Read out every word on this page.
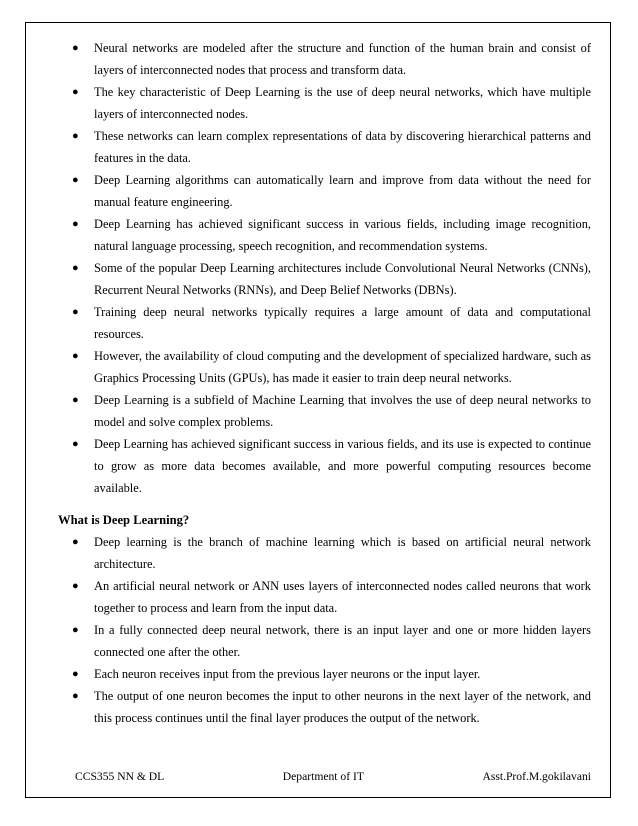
● Neural networks are modeled after the structure and function of the human brain and consist of layers of interconnected nodes that process and transform data.
● The key characteristic of Deep Learning is the use of deep neural networks, which have multiple layers of interconnected nodes.
● These networks can learn complex representations of data by discovering hierarchical patterns and features in the data.
● Deep Learning algorithms can automatically learn and improve from data without the need for manual feature engineering.
● Deep Learning has achieved significant success in various fields, including image recognition, natural language processing, speech recognition, and recommendation systems.
● Some of the popular Deep Learning architectures include Convolutional Neural Networks (CNNs), Recurrent Neural Networks (RNNs), and Deep Belief Networks (DBNs).
● Training deep neural networks typically requires a large amount of data and computational resources.
● However, the availability of cloud computing and the development of specialized hardware, such as Graphics Processing Units (GPUs), has made it easier to train deep neural networks.
● Deep Learning is a subfield of Machine Learning that involves the use of deep neural networks to model and solve complex problems.
● Deep Learning has achieved significant success in various fields, and its use is expected to continue to grow as more data becomes available, and more powerful computing resources become available.
What is Deep Learning?
● Deep learning is the branch of machine learning which is based on artificial neural network architecture.
● An artificial neural network or ANN uses layers of interconnected nodes called neurons that work together to process and learn from the input data.
● In a fully connected deep neural network, there is an input layer and one or more hidden layers connected one after the other.
● Each neuron receives input from the previous layer neurons or the input layer.
● The output of one neuron becomes the input to other neurons in the next layer of the network, and this process continues until the final layer produces the output of the network.
CCS355 NN & DL	Department of IT	Asst.Prof.M.gokilavani
